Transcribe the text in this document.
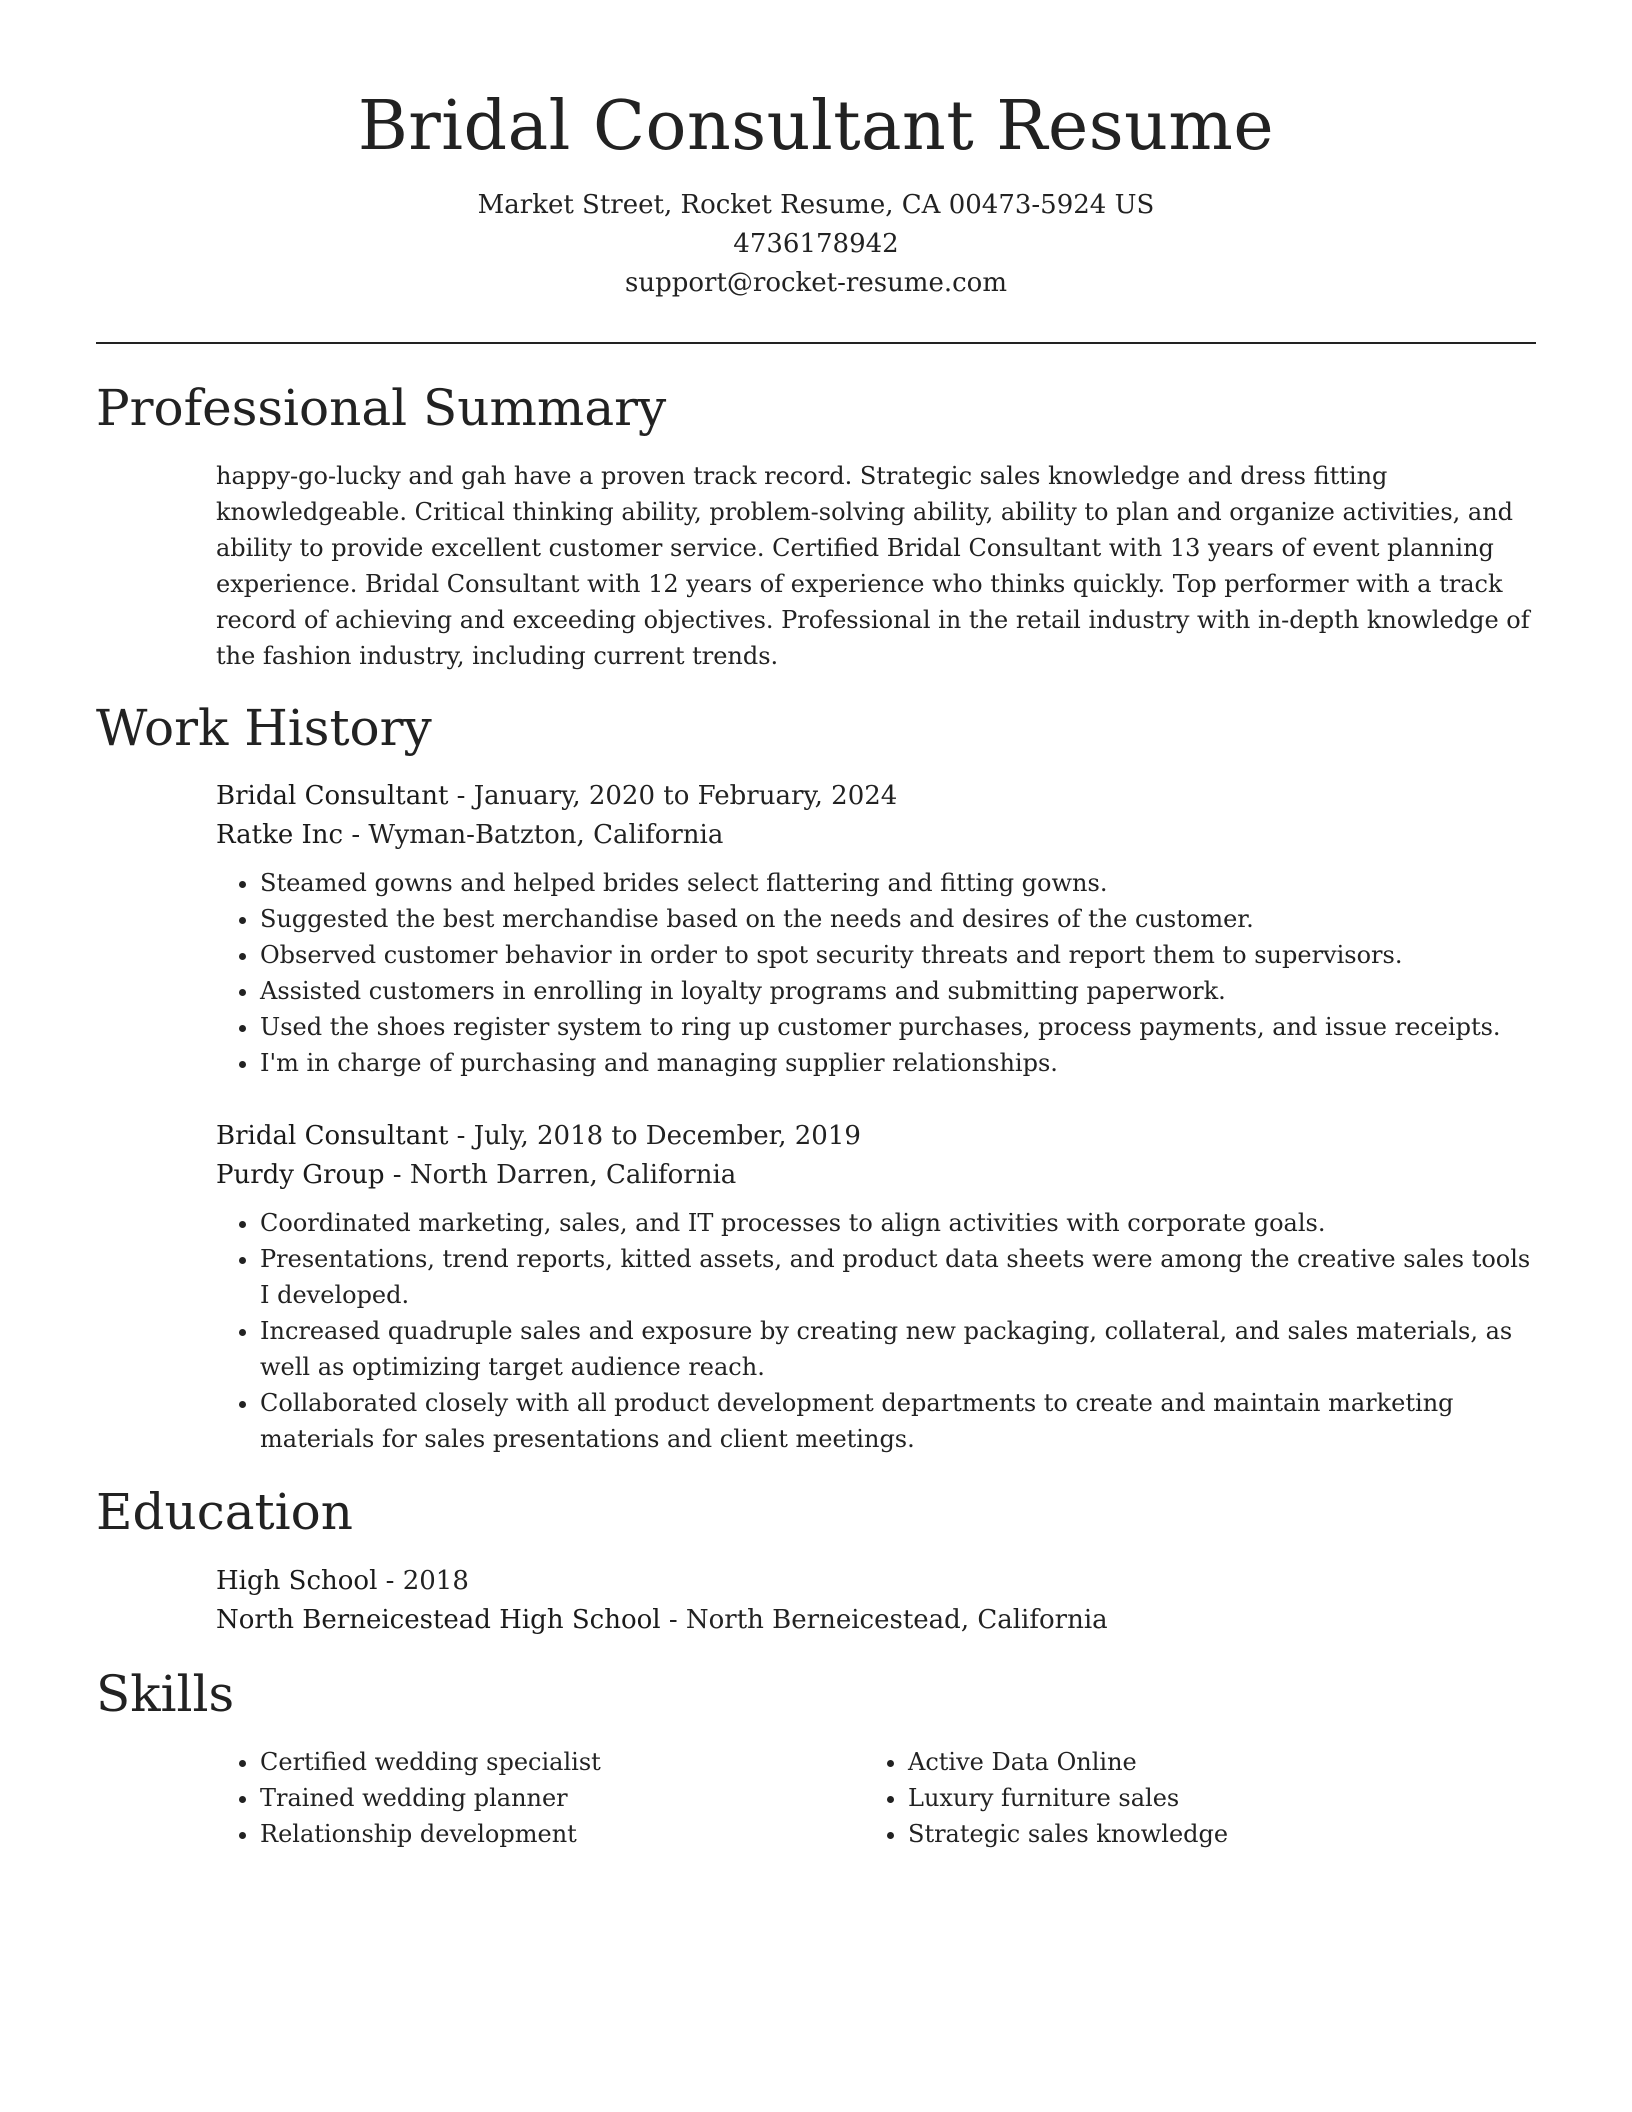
Bridal Consultant Resume
Market Street, Rocket Resume, CA 00473-5924 US
4736178942
support@rocket-resume.com
Professional Summary

happy-go-lucky and gah have a proven track record. Strategic sales knowledge and dress fitting knowledgeable. Critical thinking ability, problem-solving ability, ability to plan and organize activities, and ability to provide excellent customer service. Certified Bridal Consultant with 13 years of event planning experience. Bridal Consultant with 12 years of experience who thinks quickly. Top performer with a track record of achieving and exceeding objectives. Professional in the retail industry with in-depth knowledge of the fashion industry, including current trends.

Work History
Bridal Consultant - January, 2020 to February, 2024
Ratke Inc - Wyman-Batzton, California
• Steamed gowns and helped brides select flattering and fitting gowns.
• Suggested the best merchandise based on the needs and desires of the customer.
• Observed customer behavior in order to spot security threats and report them to supervisors.
• Assisted customers in enrolling in loyalty programs and submitting paperwork.
• Used the shoes register system to ring up customer purchases, process payments, and issue receipts.
• I'm in charge of purchasing and managing supplier relationships.
Bridal Consultant - July, 2018 to December, 2019
Purdy Group - North Darren, California
• Coordinated marketing, sales, and IT processes to align activities with corporate goals.
• Presentations, trend reports, kitted assets, and product data sheets were among the creative sales tools I developed.
• Increased quadruple sales and exposure by creating new packaging, collateral, and sales materials, as well as optimizing target audience reach.
• Collaborated closely with all product development departments to create and maintain marketing materials for sales presentations and client meetings.
Education
High School - 2018
North Berneicestead High School - North Berneicestead, California
Skills
• Certified wedding specialist
• Trained wedding planner
• Relationship development
• Active Data Online
• Luxury furniture sales
• Strategic sales knowledge
